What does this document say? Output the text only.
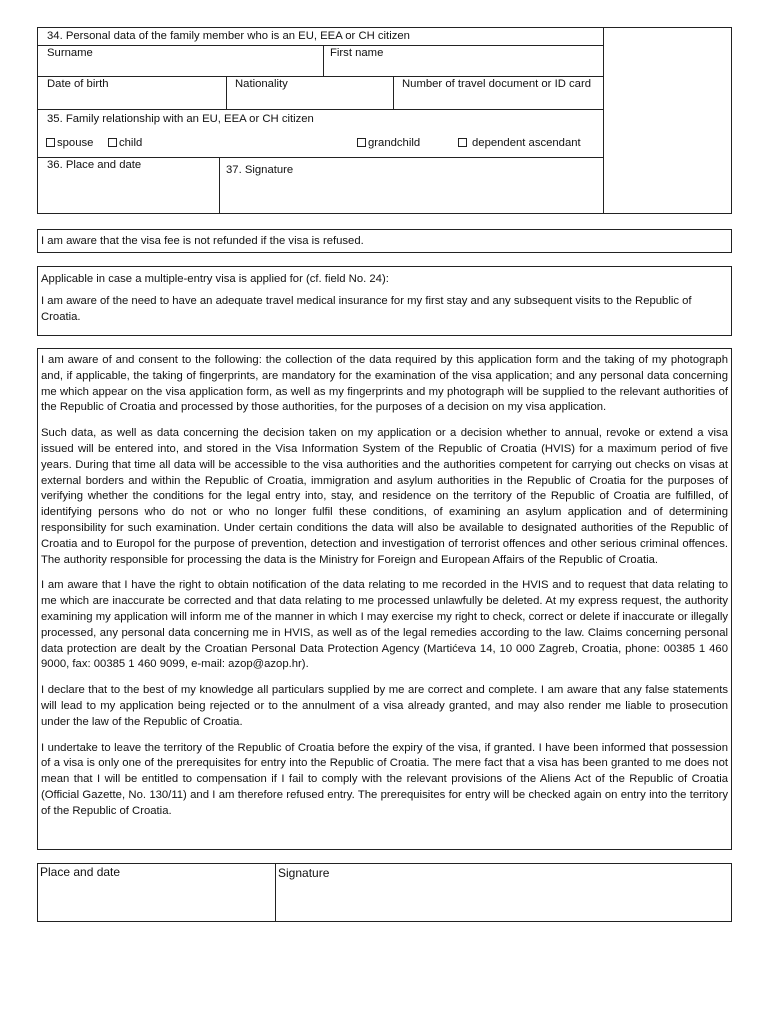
34. Personal data of the family member who is an EU, EEA or CH citizen
Surname	First name
Date of birth	Nationality	Number of travel document or ID card
35. Family relationship with an EU, EEA or CH citizen
spouse	child	grandchild	dependent ascendant
36. Place and date	37. Signature
I am aware that the visa fee is not refunded if the visa is refused.

Applicable in case a multiple-entry visa is applied for (cf. field No. 24):

I am aware of the need to have an adequate travel medical insurance for my first stay and any subsequent visits to the Republic of Croatia.

I am aware of and consent to the following: the collection of the data required by this application form and the taking of my photograph and, if applicable, the taking of fingerprints, are mandatory for the examination of the visa application; and any personal data concerning me which appear on the visa application form, as well as my fingerprints and my photograph will be supplied to the relevant authorities of the Republic of Croatia and processed by those authorities, for the purposes of a decision on my visa application.

Such data, as well as data concerning the decision taken on my application or a decision whether to annual, revoke or extend a visa issued will be entered into, and stored in the Visa Information System of the Republic of Croatia (HVIS) for a maximum period of five years. During that time all data will be accessible to the visa authorities and the authorities competent for carrying out checks on visas at external borders and within the Republic of Croatia, immigration and asylum authorities in the Republic of Croatia for the purposes of verifying whether the conditions for the legal entry into, stay, and residence on the territory of the Republic of Croatia are fulfilled, of identifying persons who do not or who no longer fulfil these conditions, of examining an asylum application and of determining responsibility for such examination. Under certain conditions the data will also be available to designated authorities of the Republic of Croatia and to Europol for the purpose of prevention, detection and investigation of terrorist offences and other serious criminal offences. The authority responsible for processing the data is the Ministry for Foreign and European Affairs of the Republic of Croatia.

I am aware that I have the right to obtain notification of the data relating to me recorded in the HVIS and to request that data relating to me which are inaccurate be corrected and that data relating to me processed unlawfully be deleted. At my express request, the authority examining my application will inform me of the manner in which I may exercise my right to check, correct or delete if inaccurate or illegally processed, any personal data concerning me in HVIS, as well as of the legal remedies according to the law. Claims concerning personal data protection are dealt by the Croatian Personal Data Protection Agency (Martićeva 14, 10 000 Zagreb, Croatia, phone: 00385 1 460 9000, fax: 00385 1 460 9099, e-mail: azop@azop.hr).

I declare that to the best of my knowledge all particulars supplied by me are correct and complete. I am aware that any false statements will lead to my application being rejected or to the annulment of a visa already granted, and may also render me liable to prosecution under the law of the Republic of Croatia.

I undertake to leave the territory of the Republic of Croatia before the expiry of the visa, if granted. I have been informed that possession of a visa is only one of the prerequisites for entry into the Republic of Croatia. The mere fact that a visa has been granted to me does not mean that I will be entitled to compensation if I fail to comply with the relevant provisions of the Aliens Act of the Republic of Croatia (Official Gazette, No. 130/11) and I am therefore refused entry. The prerequisites for entry will be checked again on entry into the territory of the Republic of Croatia.

Place and date	Signature
